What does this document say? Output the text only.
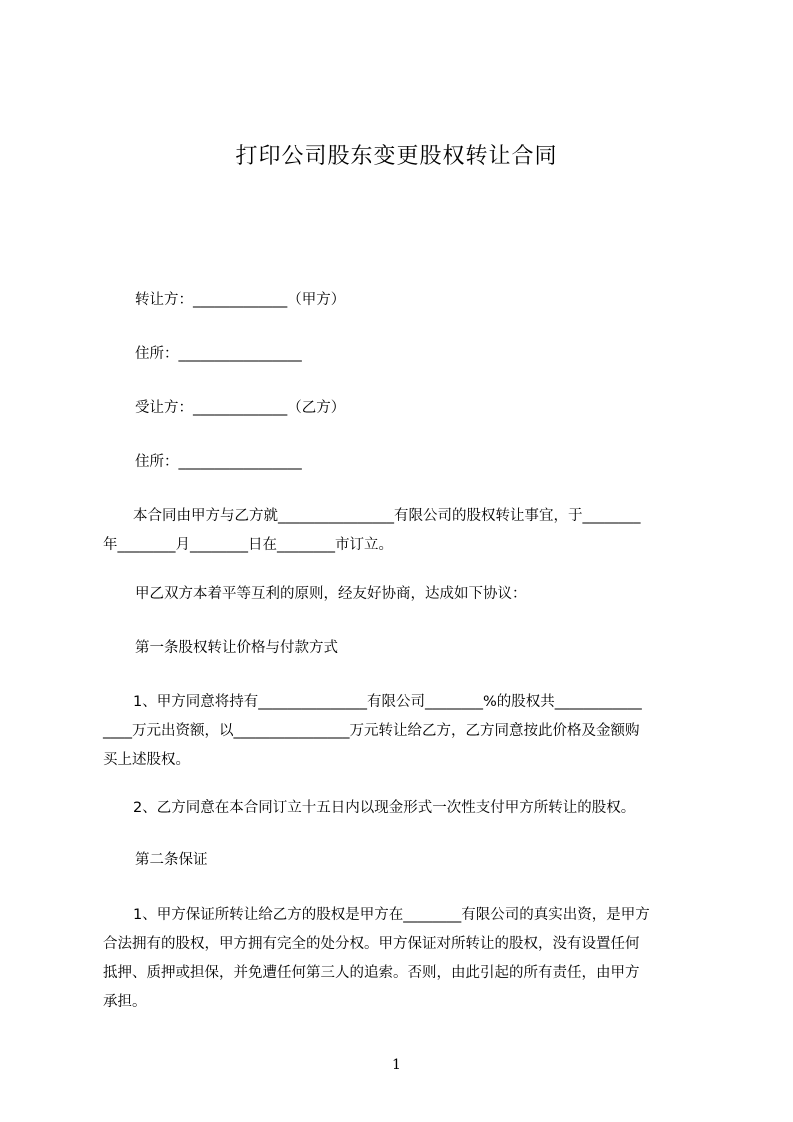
打印公司股东变更股权转让合同
转让方：_____________（甲方）
住所：_________________
受让方：_____________（乙方）
住所：_________________
本合同由甲方与乙方就________________有限公司的股权转让事宜，于________
年________月________日在________市订立。
甲乙双方本着平等互利的原则，经友好协商，达成如下协议：
第一条股权转让价格与付款方式
1、甲方同意将持有_______________有限公司________%的股权共____________
____万元出资额，以________________万元转让给乙方，乙方同意按此价格及金额购
买上述股权。
2、乙方同意在本合同订立十五日内以现金形式一次性支付甲方所转让的股权。
第二条保证
1、甲方保证所转让给乙方的股权是甲方在________有限公司的真实出资，是甲方
合法拥有的股权，甲方拥有完全的处分权。甲方保证对所转让的股权，没有设置任何
抵押、质押或担保，并免遭任何第三人的追索。否则，由此引起的所有责任，由甲方
承担。
1
